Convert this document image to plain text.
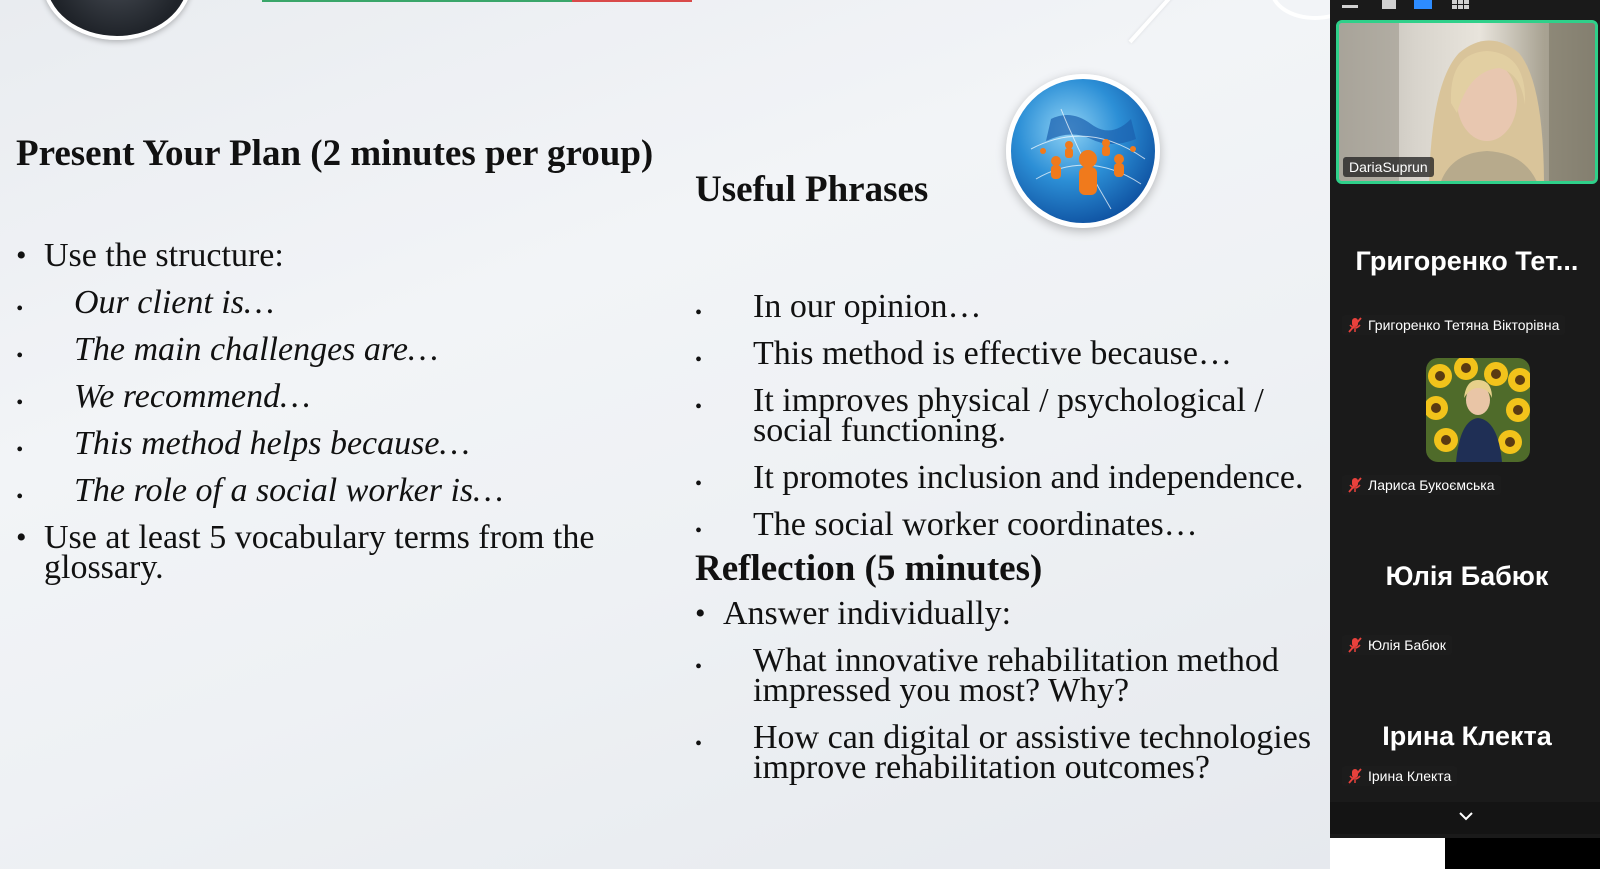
Present Your Plan (2 minutes per group)
• Use the structure:
• Our client is…
• The main challenges are…
• We recommend…
• This method helps because…
• The role of a social worker is…
• Use at least 5 vocabulary terms from the glossary.
Useful Phrases
• In our opinion…
• This method is effective because…
• It improves physical / psychological / social functioning.
• It promotes inclusion and independence.
• The social worker coordinates…
Reflection (5 minutes)
• Answer individually:
• What innovative rehabilitation method impressed you most? Why?
• How can digital or assistive technologies improve rehabilitation outcomes?
DariaSuprun
Григоренко Тет...
Григоренко Тетяна Вікторівна
Лариса Букоємська
Юлія Бабюк
Юлія Бабюк
Ірина Клекта
Ірина Клекта
